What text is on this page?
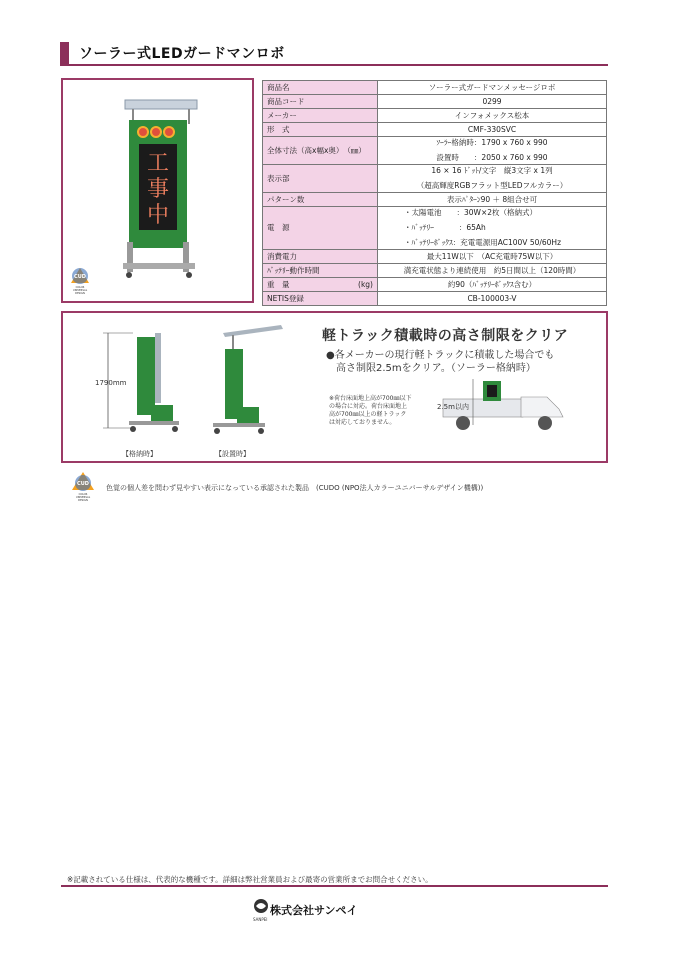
ソーラー式LEDガードマンロボ
工
事
中
CUD
COLOR
UNIVERSAL
DESIGN
商品名	ソーラー式ガードマンメッセージロボ
商品コード	0299
メーカー	インフォメックス松本
形　式	CMF-330SVC
全体寸法（高x幅x奥）　（㎜）	ｿｰﾗｰ格納時：1790 x 760 x 990
設置時　　：2050 x 760 x 990

表示部	16 × 16 ﾄﾞｯﾄ/文字　縦3文字 x 1列
（超高輝度RGBフラット型LEDフルカラー）

パターン数	表示ﾊﾟﾀｰﾝ90 ＋ 8組合せ可
電　源	・太陽電池　　：30W×2枚（格納式）
・ﾊﾞｯﾃﾘｰ　　　 ：65Ah
・ﾊﾞｯﾃﾘｰﾎﾞｯｸｽ：充電電源用AC100V 50/60Hz

消費電力	最大11W以下　（AC充電時75W以下）
ﾊﾞｯﾃﾘｰ動作時間	満充電状態より連続使用　約5日間以上（120時間）
重　量 (kg)	約90（ﾊﾞｯﾃﾘｰﾎﾞｯｸｽ含む）
NETIS登録	CB-100003-V
軽トラック積載時の高さ制限をクリア
●各メーカーの現行軽トラックに積載した場合でも
高さ制限2.5mをクリア。（ソーラー格納時）
※荷台床面地上高が700㎜以下
の場合に対応。荷台床面地上
高が700㎜以上の軽トラック
は対応しておりません。
2.5m以内
1790mm
【格納時】	【設置時】
CUD
COLOR
UNIVERSAL
DESIGN
色覚の個人差を問わず見やすい表示になっている承認された製品　(CUDO (NPO法人カラーユニバーサルデザイン機構))
※記載されている仕様は、代表的な機種です。詳細は弊社営業員および最寄の営業所までお問合せください。
株式会社サンペイ
SANPEI
